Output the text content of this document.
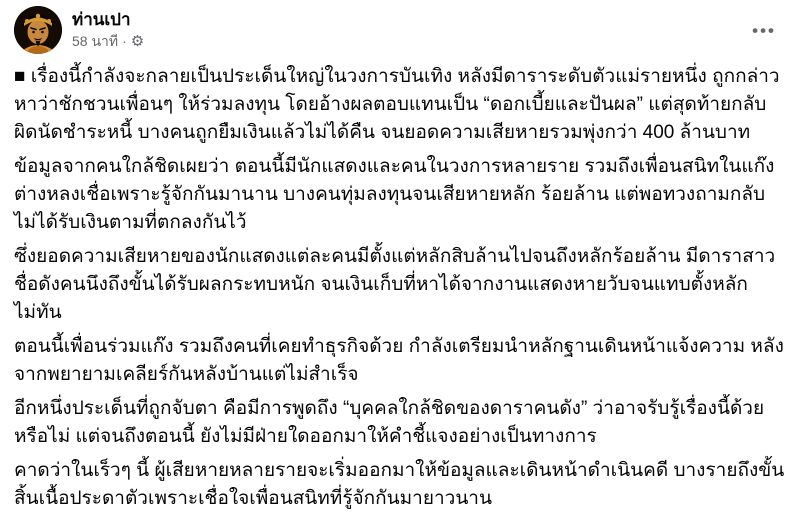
ท่านเปา
58 นาที · ⚙
•••

■ เรื่องนี้กำลังจะกลายเป็นประเด็นใหญ่ในวงการบันเทิง หลังมีดาราระดับตัวแม่รายหนึ่ง ถูกกล่าวหาว่าชักชวนเพื่อนๆ ให้ร่วมลงทุน โดยอ้างผลตอบแทนเป็น “ดอกเบี้ยและปันผล” แต่สุดท้ายกลับผิดนัดชำระหนี้ บางคนถูกยืมเงินแล้วไม่ได้คืน จนยอดความเสียหายรวมพุ่งกว่า 400 ล้านบาท

ข้อมูลจากคนใกล้ชิดเผยว่า ตอนนี้มีนักแสดงและคนในวงการหลายราย รวมถึงเพื่อนสนิทในแก๊ง ต่างหลงเชื่อเพราะรู้จักกันมานาน บางคนทุ่มลงทุนจนเสียหายหลัก ร้อยล้าน แต่พอทวงถามกลับไม่ได้รับเงินตามที่ตกลงกันไว้

ซึ่งยอดความเสียหายของนักแสดงแต่ละคนมีตั้งแต่หลักสิบล้านไปจนถึงหลักร้อยล้าน มีดาราสาวชื่อดังคนนึงถึงขั้นได้รับผลกระทบหนัก จนเงินเก็บที่หาได้จากงานแสดงหายวับจนแทบตั้งหลักไม่ทัน

ตอนนี้เพื่อนร่วมแก๊ง รวมถึงคนที่เคยทำธุรกิจด้วย กำลังเตรียมนำหลักฐานเดินหน้าแจ้งความ หลังจากพยายามเคลียร์กันหลังบ้านแต่ไม่สำเร็จ

อีกหนึ่งประเด็นที่ถูกจับตา คือมีการพูดถึง “บุคคลใกล้ชิดของดาราคนดัง” ว่าอาจรับรู้เรื่องนี้ด้วยหรือไม่ แต่จนถึงตอนนี้ ยังไม่มีฝ่ายใดออกมาให้คำชี้แจงอย่างเป็นทางการ

คาดว่าในเร็วๆ นี้ ผู้เสียหายหลายรายจะเริ่มออกมาให้ข้อมูลและเดินหน้าดำเนินคดี บางรายถึงขั้น สิ้นเนื้อประดาตัวเพราะเชื่อใจเพื่อนสนิทที่รู้จักกันมายาวนาน
